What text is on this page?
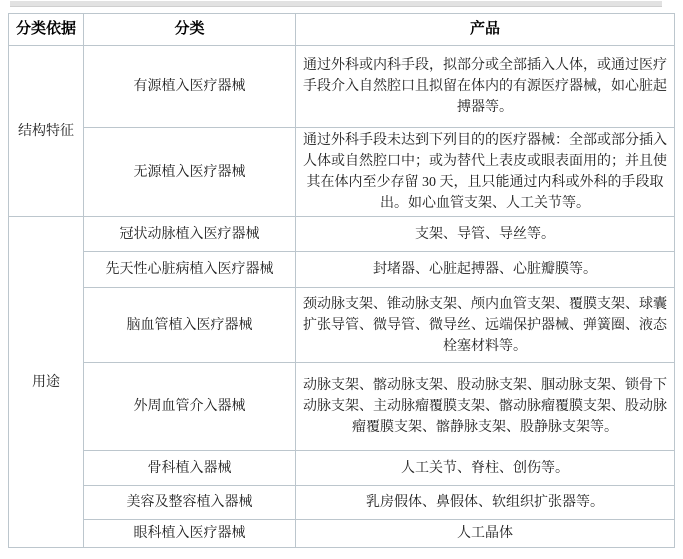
分类依据	分类	产品
结构特征	有源植入医疗器械	通过外科或内科手段，拟部分或全部插入人体，或通过医疗手段介入自然腔口且拟留在体内的有源医疗器械，如心脏起搏器等。
	无源植入医疗器械	通过外科手段未达到下列目的的医疗器械：全部或部分插入人体或自然腔口中；或为替代上表皮或眼表面用的；并且使其在体内至少存留 30 天，且只能通过内科或外科的手段取出。如心血管支架、人工关节等。
用途	冠状动脉植入医疗器械	支架、导管、导丝等。
	先天性心脏病植入医疗器械	封堵器、心脏起搏器、心脏瓣膜等。
	脑血管植入医疗器械	颈动脉支架、锥动脉支架、颅内血管支架、覆膜支架、球囊扩张导管、微导管、微导丝、远端保护器械、弹簧圈、液态栓塞材料等。
	外周血管介入器械	动脉支架、髂动脉支架、股动脉支架、腘动脉支架、锁骨下动脉支架、主动脉瘤覆膜支架、髂动脉瘤覆膜支架、股动脉瘤覆膜支架、髂静脉支架、股静脉支架等。
	骨科植入器械	人工关节、脊柱、创伤等。
	美容及整容植入器械	乳房假体、鼻假体、软组织扩张器等。
	眼科植入医疗器械	人工晶体
